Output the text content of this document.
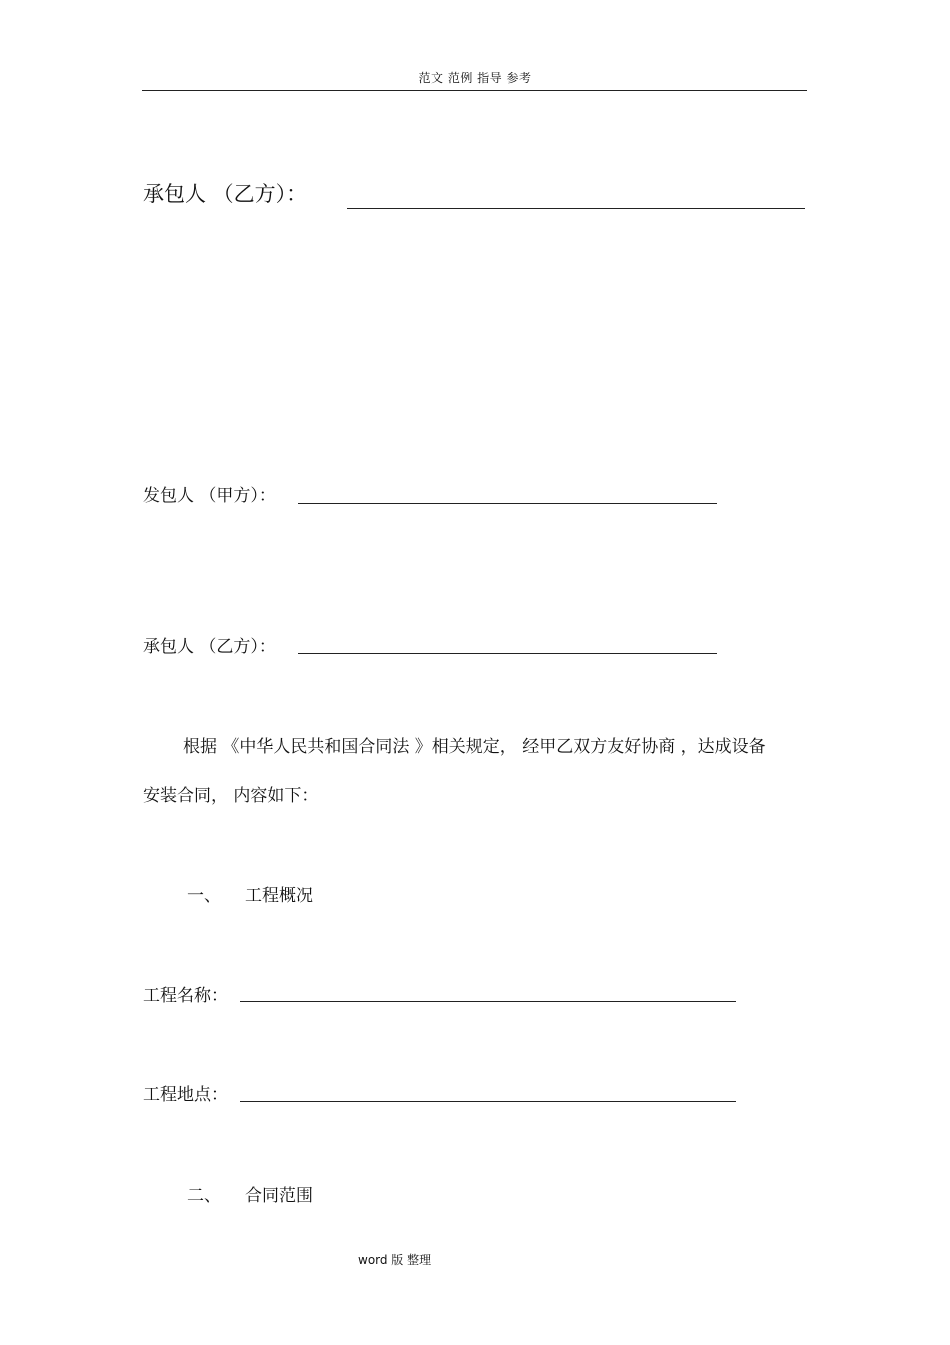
范文 范例 指导 参考
承包人 （乙方）：
发包人 （甲方）：
承包人 （乙方）：
根据 《中华人民共和国合同法 》相关规定， 经甲乙双方友好协商 ，达成设备
安装合同， 内容如下：
一、 工程概况
工程名称：
工程地点：
二、 合同范围
word 版 整理
